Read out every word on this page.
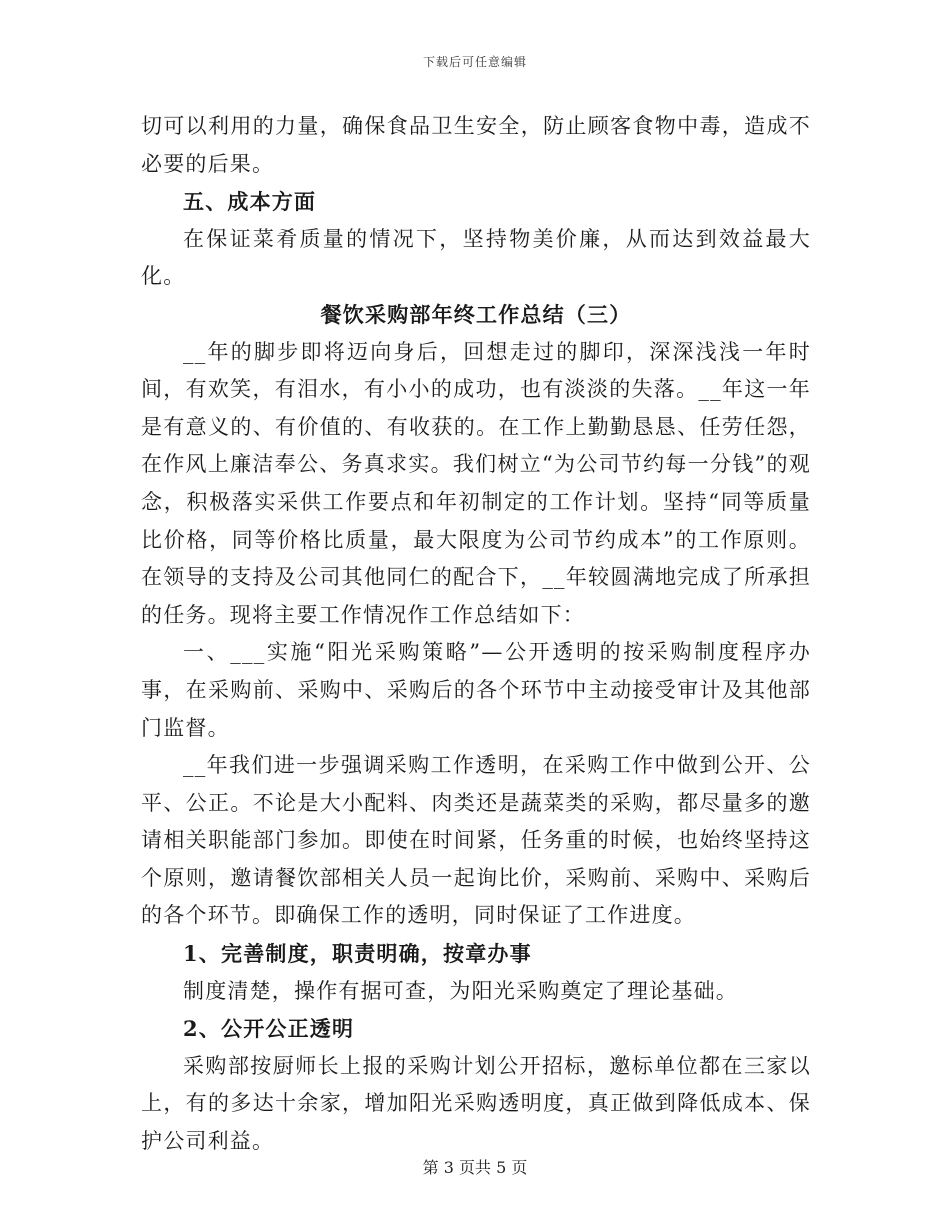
下载后可任意编辑

切可以利用的力量，确保食品卫生安全，防止顾客食物中毒，造成不必要的后果。

五、成本方面

在保证菜肴质量的情况下，坚持物美价廉，从而达到效益最大化。

餐饮采购部年终工作总结（三）

__年的脚步即将迈向身后，回想走过的脚印，深深浅浅一年时间，有欢笑，有泪水，有小小的成功，也有淡淡的失落。__年这一年是有意义的、有价值的、有收获的。在工作上勤勤恳恳、任劳任怨，在作风上廉洁奉公、务真求实。我们树立“为公司节约每一分钱”的观念，积极落实采供工作要点和年初制定的工作计划。坚持“同等质量比价格，同等价格比质量，最大限度为公司节约成本”的工作原则。在领导的支持及公司其他同仁的配合下，__年较圆满地完成了所承担的任务。现将主要工作情况作工作总结如下：

一、___实施“阳光采购策略”—公开透明的按采购制度程序办事，在采购前、采购中、采购后的各个环节中主动接受审计及其他部门监督。

__年我们进一步强调采购工作透明，在采购工作中做到公开、公平、公正。不论是大小配料、肉类还是蔬菜类的采购，都尽量多的邀请相关职能部门参加。即使在时间紧，任务重的时候，也始终坚持这个原则，邀请餐饮部相关人员一起询比价，采购前、采购中、采购后的各个环节。即确保工作的透明，同时保证了工作进度。

1、完善制度，职责明确，按章办事

制度清楚，操作有据可查，为阳光采购奠定了理论基础。

2、公开公正透明

采购部按厨师长上报的采购计划公开招标，邀标单位都在三家以上，有的多达十余家，增加阳光采购透明度，真正做到降低成本、保护公司利益。

第 3 页共 5 页
